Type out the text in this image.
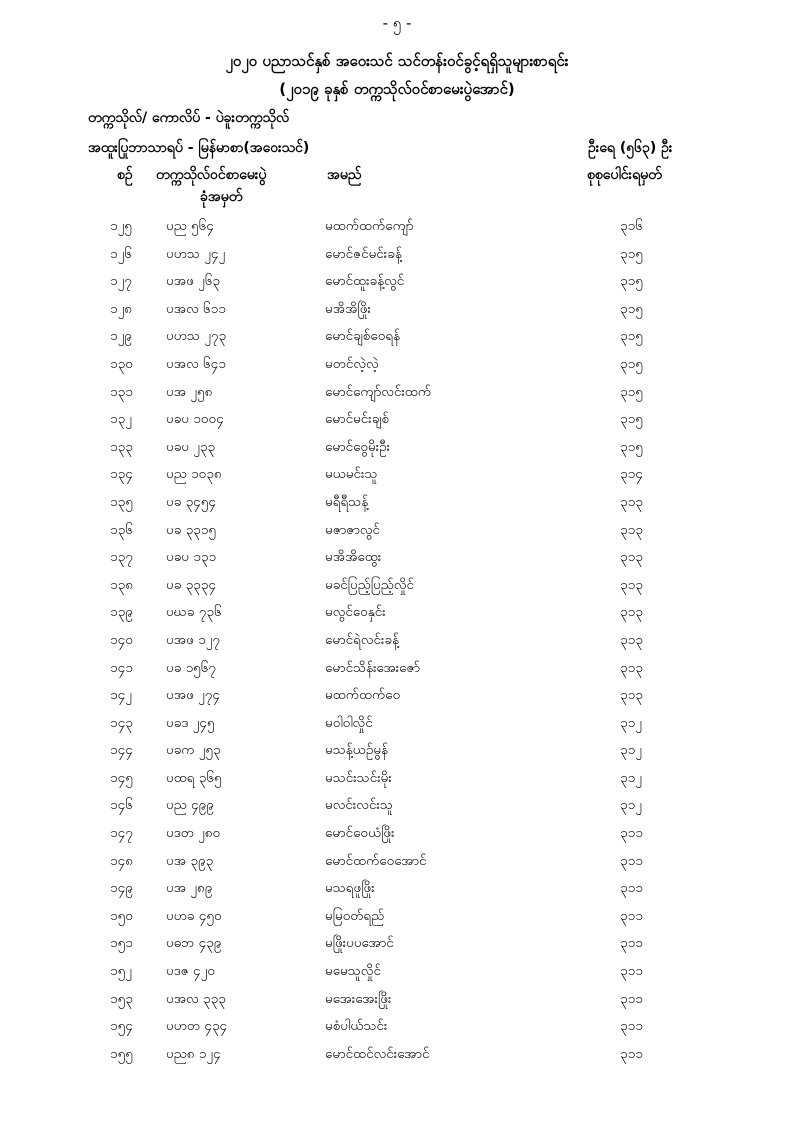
- ၅ -
၂၀၂၀ ပညာသင်နှစ် အဝေးသင် သင်တန်းဝင်ခွင့်ရရှိသူများစာရင်း
(၂၀၁၉ ခုနှစ် တက္ကသိုလ်ဝင်စာမေးပွဲအောင်)
တက္ကသိုလ်/ ကောလိပ် - ပဲခူးတက္ကသိုလ်
အထူးပြုဘာသာရပ် - မြန်မာစာ(အဝေးသင်)	ဦးရေ (၅၆၃) ဦး
စဉ် တက္ကသိုလ်ဝင်စာမေးပွဲ
ခုံအမှတ်
အမည်	စုစုပေါင်းရမှတ်
၁၂၅	ပည ၅၆၄	မထက်ထက်ကျော်	၃၁၆
၁၂၆	ပဟသ ၂၄၂	မောင်ဇင်မင်းခန့်	၃၁၅
၁၂၇	ပအဖ ၂၆၃	မောင်ထူးခန့်လွင်	၃၁၅
၁၂၈	ပအလ ၆၁၁	မအိအိဖြိုး	၃၁၅
၁၂၉	ပဟသ ၂၇၃	မောင်ချစ်ဝေရန်	၃၁၅
၁၃၀ ပအလ ၆၄၁	မတင်လဲ့လဲ့	၃၁၅
၁၃၁ ပအ ၂၅၈	မောင်ကျော်လင်းထက်	၃၁၅
၁၃၂	ပခပ ၁၀၀၄	မောင်မင်းချစ်	၃၁၅
၁၃၃ ပခပ ၂၃၃	မောင်ဝွေမိုးဦး	၃၁၅
၁၃၄ ပည ၁၀၃၈	မယမင်းသူ	၃၁၄
၁၃၅ ပခ ၃၄၅၄	မရီရီသန့်	၃၁၃
၁၃၆ ပခ ၃၃၁၅	မဇာဇာလွင်	၃၁၃
၁၃၇ ပခပ ၁၃၁	မအိအိထွေး	၃၁၃
၁၃၈ ပခ ၃၃၃၄	မခင်ပြည့်ပြည့်လှိုင်	၃၁၃
၁၃၉ ပဃခ ၇၃၆	မလွင်ဝေနှင်း	၃၁၃
၁၄၀ ပအဖ ၁၂၇	မောင်ရဲလင်းခန့်	၃၁၃
၁၄၁ ပခ ၁၅၆၇	မောင်သိန်းအေးဇော်	၃၁၃
၁၄၂	ပအဖ ၂၇၄	မထက်ထက်ဝေ	၃၁၃
၁၄၃ ပခဒ ၂၄၅	မဝါဝါလှိုင်	၃၁၂
၁၄၄ ပခက ၂၅၃	မသန့်ယဉ်မွန်	၃၁၂
၁၄၅ ပထရ ၃၆၅	မသင်းသင်းမိုး	၃၁၂
၁၄၆ ပည ၄၉၉	မလင်းလင်းသူ	၃၁၂
၁၄၇ ပဒတ ၂၈၀	မောင်ဝေယံဖြိုး	၃၁၁
၁၄၈ ပအ ၃၉၃	မောင်ထက်ဝေအောင်	၃၁၁
၁၄၉ ပအ ၂၈၉	မသရဖူဖြိုး	၃၁၁
၁၅၀ ပဟခ ၄၅၀	မမြဝတ်ရည်	၃၁၁
၁၅၁ ပဓဘ ၄၃၉	မဖြိုးပပအောင်	၃၁၁
၁၅၂	ပဒဇ ၄၂၀	မမေသူလှိုင်	၃၁၁
၁၅၃ ပအလ ၃၃၃	မအေးအေးဖြိုး	၃၁၁
၁၅၄ ပဟတ ၄၃၄	မစံပါယ်သင်း	၃၁၁
၁၅၅ ပည၈ ၁၂၄	မောင်ထင်လင်းအောင်	၃၁၁
